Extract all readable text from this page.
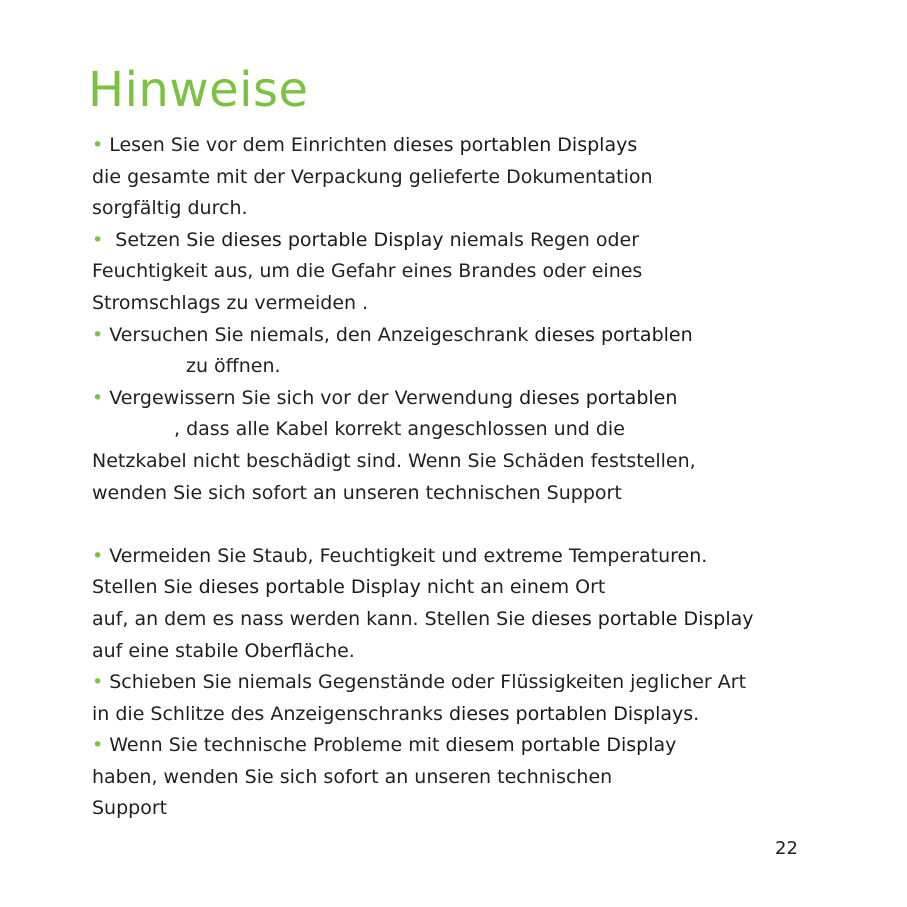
Hinweise
• Lesen Sie vor dem Einrichten dieses portablen Displays
die gesamte mit der Verpackung gelieferte Dokumentation
sorgfältig durch.
• Setzen Sie dieses portable Display niemals Regen oder
Feuchtigkeit aus, um die Gefahr eines Brandes oder eines
Stromschlags zu vermeiden .
• Versuchen Sie niemals, den Anzeigeschrank dieses portablen
zu öffnen.
• Vergewissern Sie sich vor der Verwendung dieses portablen
, dass alle Kabel korrekt angeschlossen und die
Netzkabel nicht beschädigt sind. Wenn Sie Schäden feststellen,
wenden Sie sich sofort an unseren technischen Support
• Vermeiden Sie Staub, Feuchtigkeit und extreme Temperaturen.
Stellen Sie dieses portable Display nicht an einem Ort
auf, an dem es nass werden kann. Stellen Sie dieses portable Display
auf eine stabile Oberfläche.
• Schieben Sie niemals Gegenstände oder Flüssigkeiten jeglicher Art
in die Schlitze des Anzeigenschranks dieses portablen Displays.
• Wenn Sie technische Probleme mit diesem portable Display
haben, wenden Sie sich sofort an unseren technischen
Support
22
